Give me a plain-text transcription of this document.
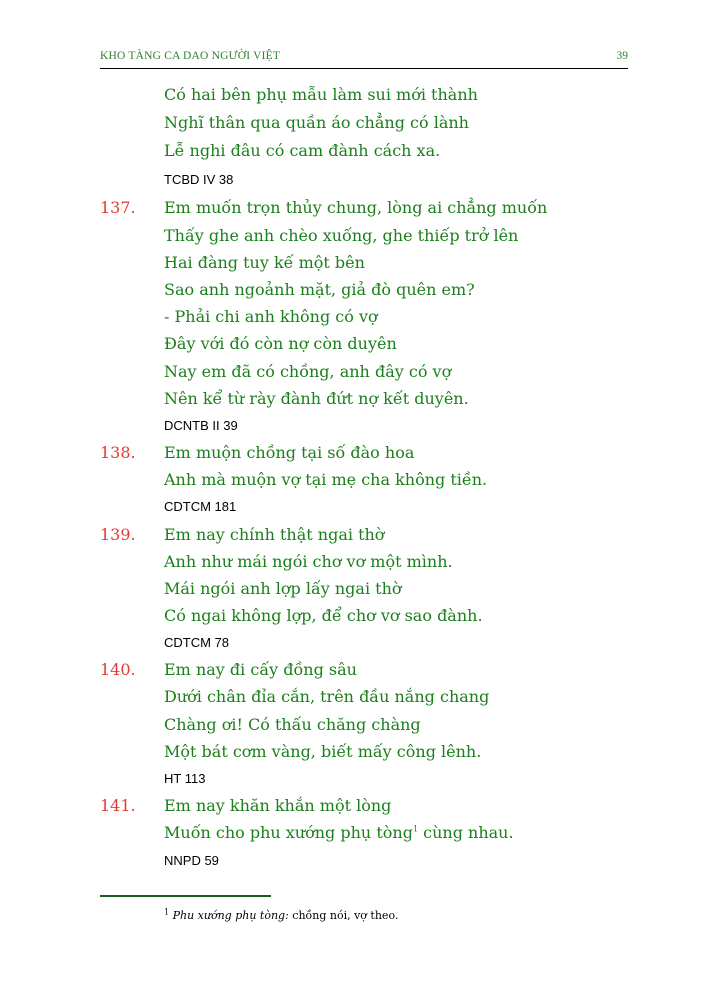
KHO TÀNG CA DAO NGƯỜI VIỆT	39
Có hai bên phụ mẫu làm sui mới thành
Nghĩ thân qua quần áo chẳng có lành
Lễ nghi đâu có cam đành cách xa.
TCBD IV 38
137. Em muốn trọn thủy chung, lòng ai chẳng muốn
Thấy ghe anh chèo xuống, ghe thiếp trở lên
Hai đàng tuy kế một bên
Sao anh ngoảnh mặt, giả đò quên em?
- Phải chi anh không có vợ
Đây với đó còn nợ còn duyên
Nay em đã có chồng, anh đây có vợ
Nên kể từ rày đành đứt nợ kết duyên.
DCNTB II 39
138. Em muộn chồng tại số đào hoa
Anh mà muộn vợ tại mẹ cha không tiền.
CDTCM 181
139. Em nay chính thật ngai thờ
Anh như mái ngói chơ vơ một mình.
Mái ngói anh lợp lấy ngai thờ
Có ngai không lợp, để chơ vơ sao đành.
CDTCM 78
140. Em nay đi cấy đồng sâu
Dưới chân đỉa cắn, trên đầu nắng chang
Chàng ơi! Có thấu chăng chàng
Một bát cơm vàng, biết mấy công lênh.
HT 113
141. Em nay khăn khắn một lòng
Muốn cho phu xướng phụ tòng$^1$ cùng nhau.
NNPD 59
$^1$ Phu xướng phụ tòng: chồng nói, vợ theo.
